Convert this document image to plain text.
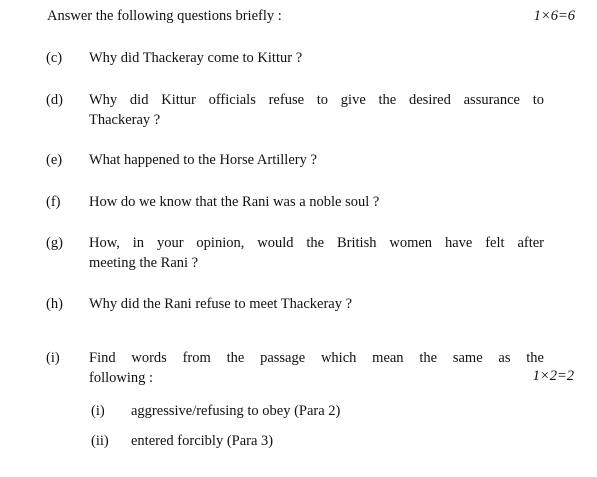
Answer the following questions briefly :	1×6=6
(c) Why did Thackeray come to Kittur ?
(d) Why did Kittur officials refuse to give the desired assurance to
Thackeray ?
(e) What happened to the Horse Artillery ?
(f) How do we know that the Rani was a noble soul ?
(g) How, in your opinion, would the British women have felt after
meeting the Rani ?
(h) Why did the Rani refuse to meet Thackeray ?
(i) Find words from the passage which mean the same as the
following :	1×2=2
(i) aggressive/refusing to obey (Para 2)
(ii) entered forcibly (Para 3)
